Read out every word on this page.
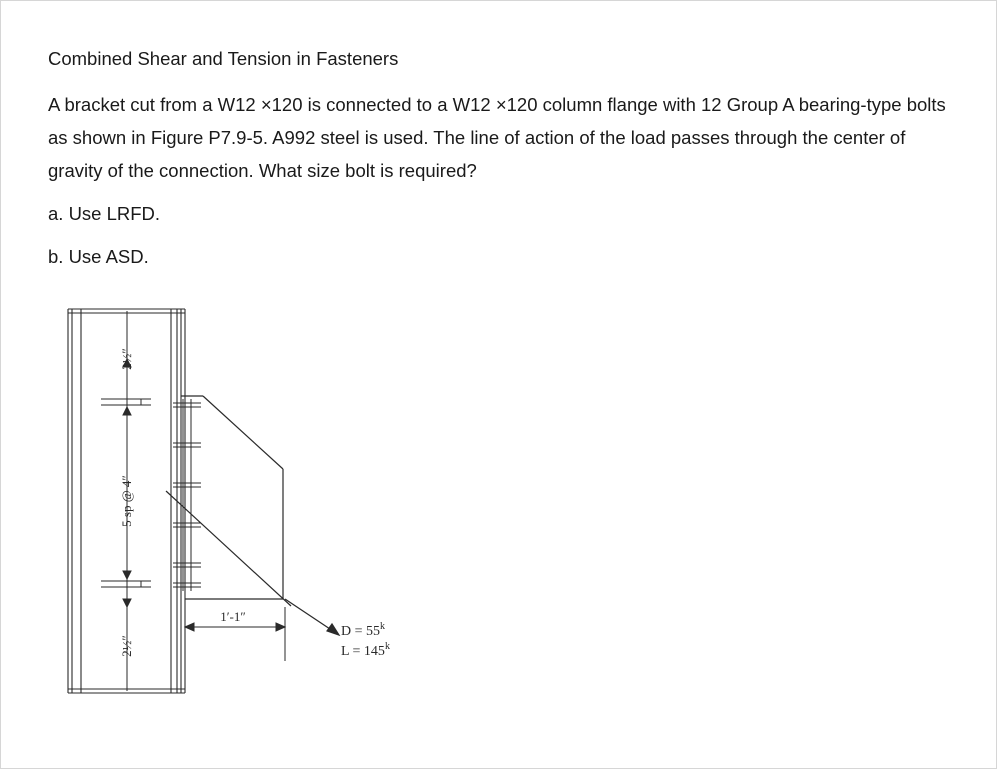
Combined Shear and Tension in Fasteners

A bracket cut from a W12 ×120 is connected to a W12 ×120 column flange with 12 Group A bearing-type bolts as shown in Figure P7.9-5. A992 steel is used. The line of action of the load passes through the center of gravity of the connection. What size bolt is required?

a. Use LRFD.

b. Use ASD.

2½″
5 sp @ 4″
2½″
1′-1″
$D = 55^k$
$L = 145^k$
